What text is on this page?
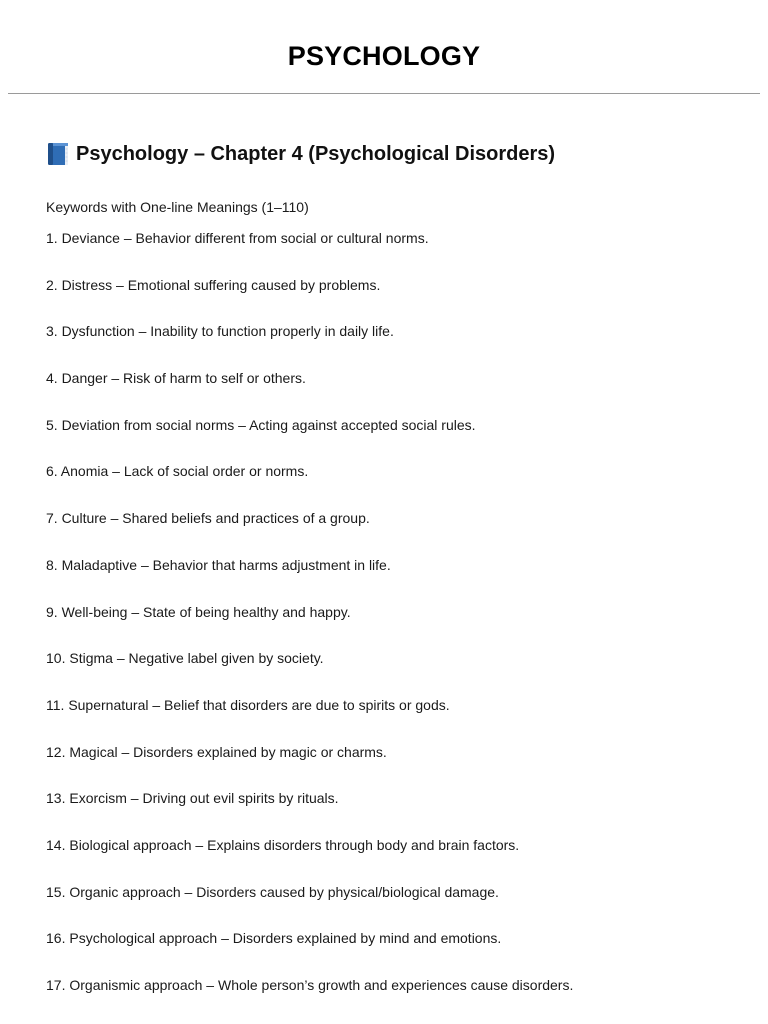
PSYCHOLOGY
Psychology – Chapter 4 (Psychological Disorders)
Keywords with One-line Meanings (1–110)
1. Deviance – Behavior different from social or cultural norms.
2. Distress – Emotional suffering caused by problems.
3. Dysfunction – Inability to function properly in daily life.
4. Danger – Risk of harm to self or others.
5. Deviation from social norms – Acting against accepted social rules.
6. Anomia – Lack of social order or norms.
7. Culture – Shared beliefs and practices of a group.
8. Maladaptive – Behavior that harms adjustment in life.
9. Well-being – State of being healthy and happy.
10. Stigma – Negative label given by society.
11. Supernatural – Belief that disorders are due to spirits or gods.
12. Magical – Disorders explained by magic or charms.
13. Exorcism – Driving out evil spirits by rituals.
14. Biological approach – Explains disorders through body and brain factors.
15. Organic approach – Disorders caused by physical/biological damage.
16. Psychological approach – Disorders explained by mind and emotions.
17. Organismic approach – Whole person’s growth and experiences cause disorders.
